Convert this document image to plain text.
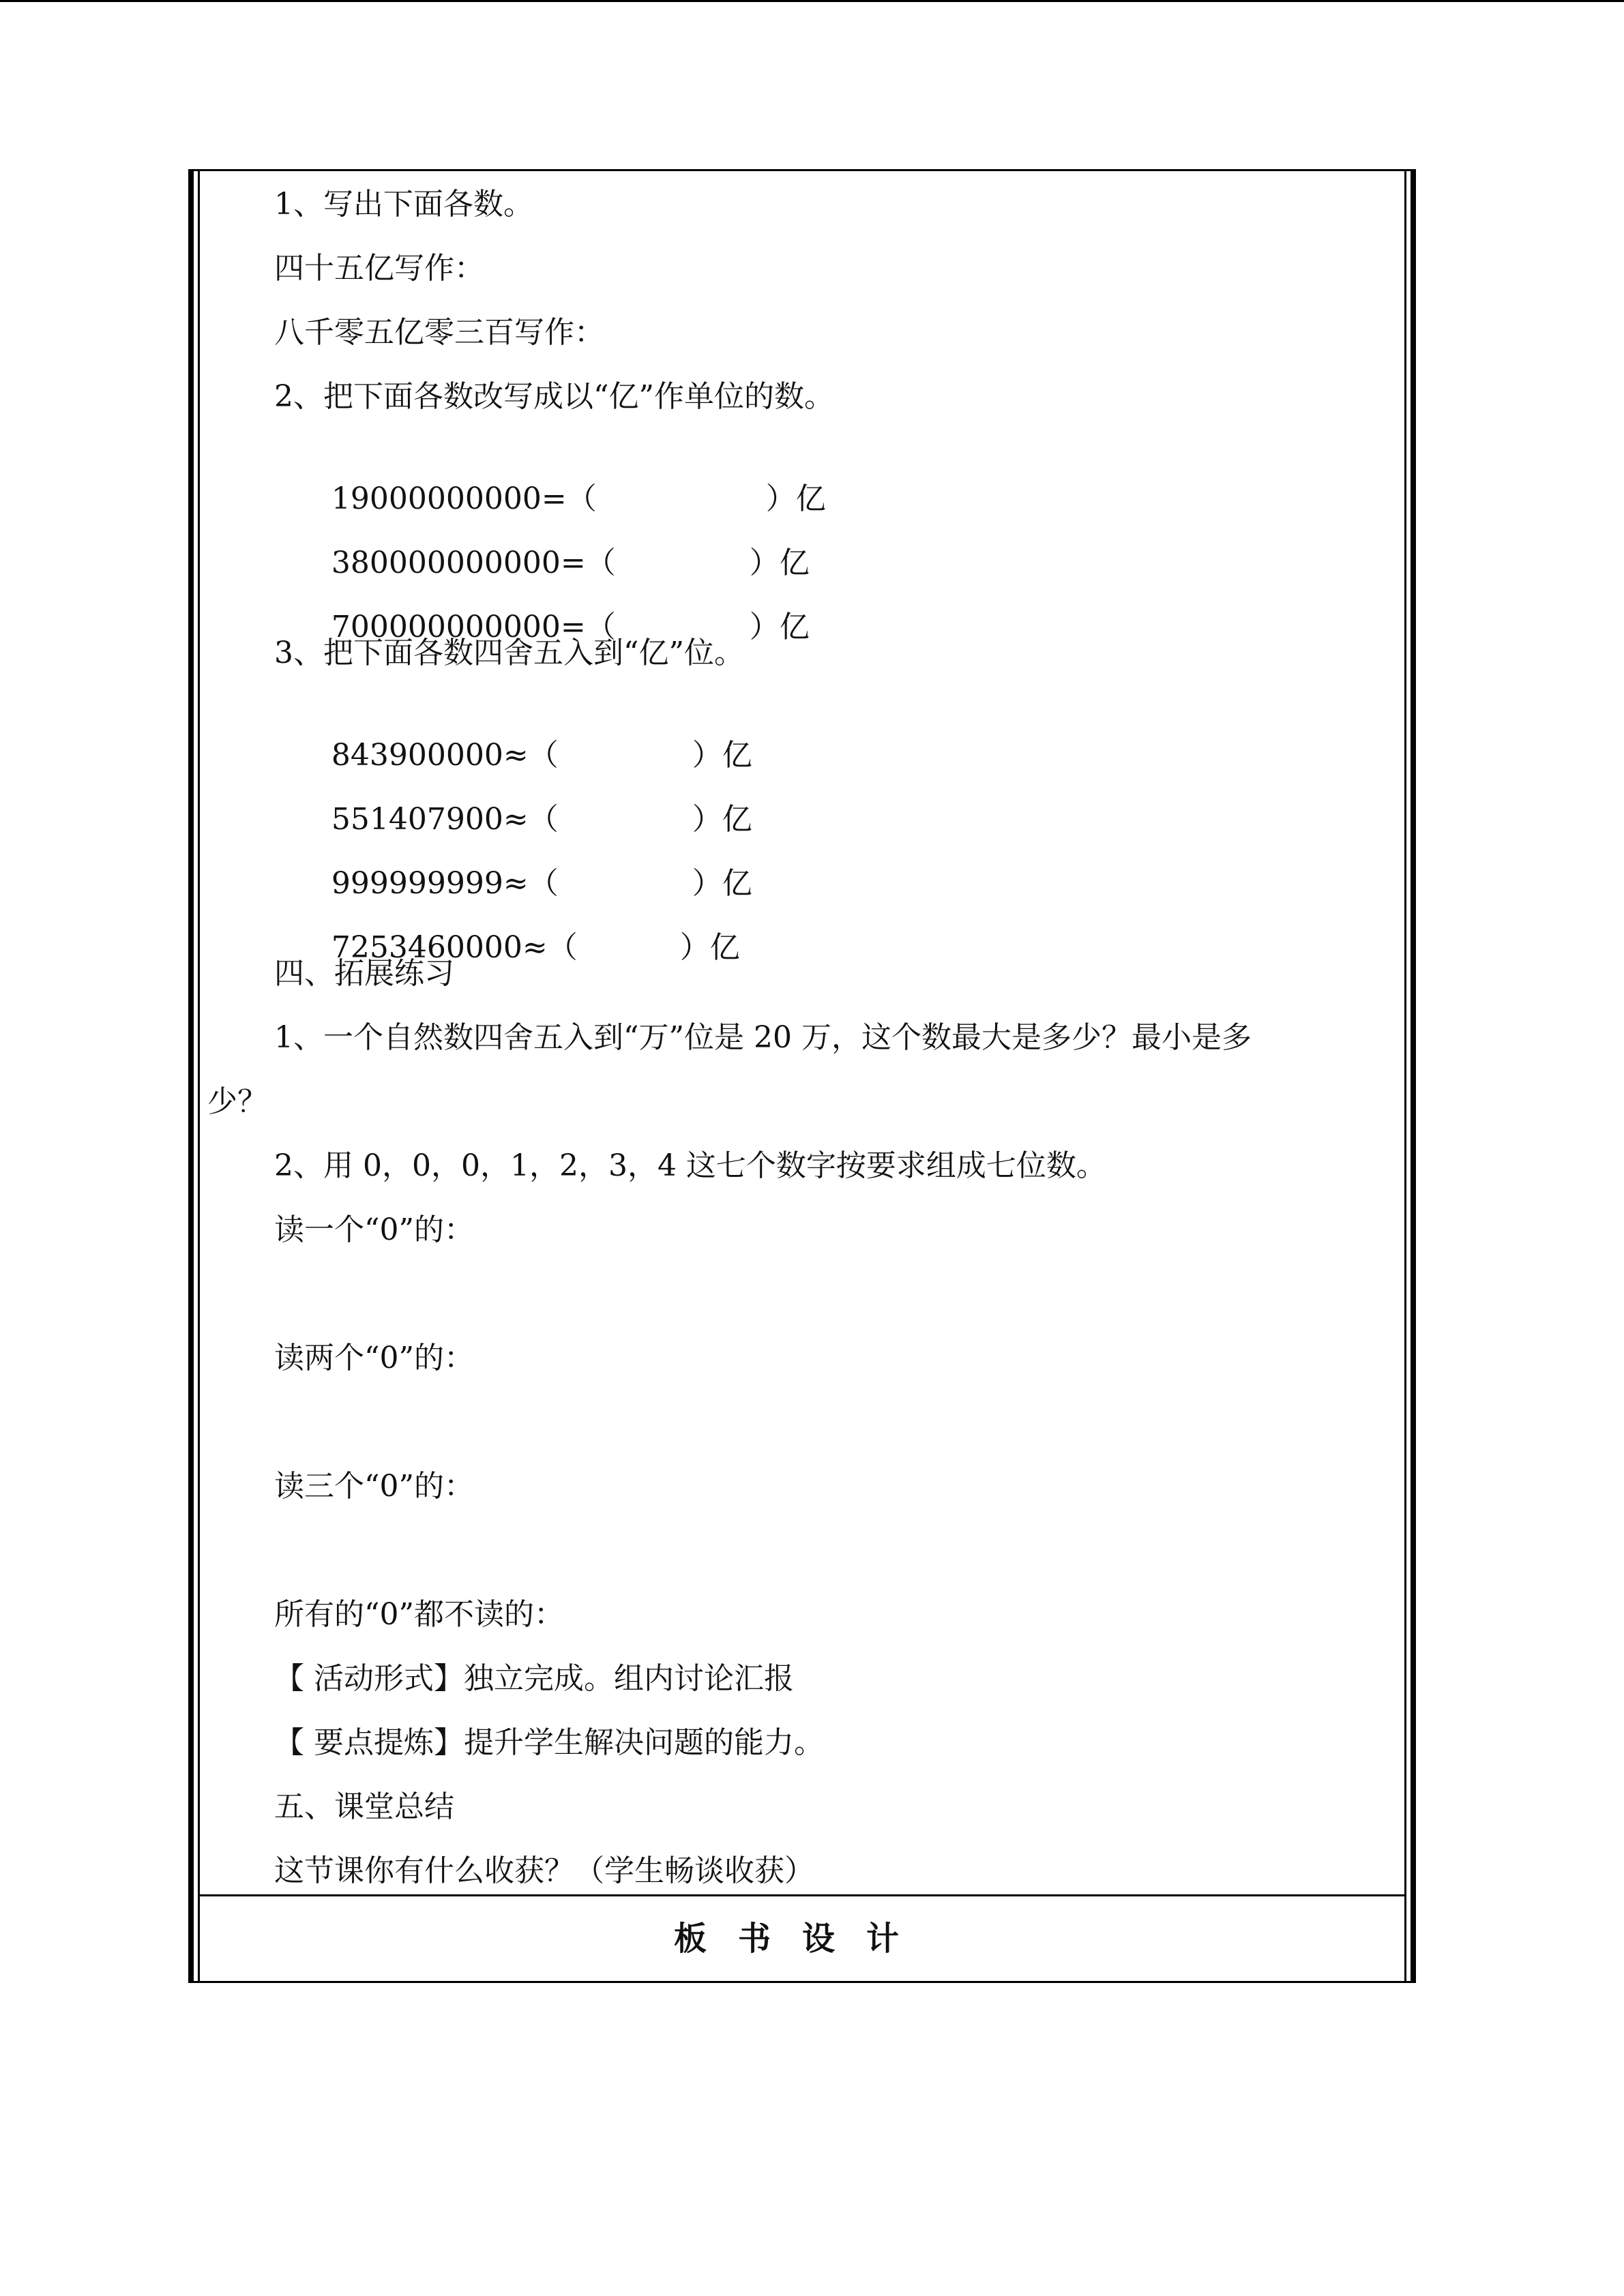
1、写出下面各数。
四十五亿写作：
八千零五亿零三百写作：
2、把下面各数改写成以“亿”作单位的数。

19000000000=（	）亿

380000000000=（	）亿

700000000000=（	）亿

3、把下面各数四舍五入到“亿”位。

843900000≈（	）亿

551407900≈（	）亿

999999999≈（	）亿

7253460000≈（	）亿

四、拓展练习
1、一个自然数四舍五入到“万”位是 20 万，这个数最大是多少？最小是多
少？
2、用 0，0，0，1，2，3，4 这七个数字按要求组成七位数。
读一个“0”的：
读两个“0”的：
读三个“0”的：
所有的“0”都不读的：
【 活动形式】独立完成。组内讨论汇报
【 要点提炼】提升学生解决问题的能力。
五、课堂总结
这节课你有什么收获？（学生畅谈收获）
板书设计
